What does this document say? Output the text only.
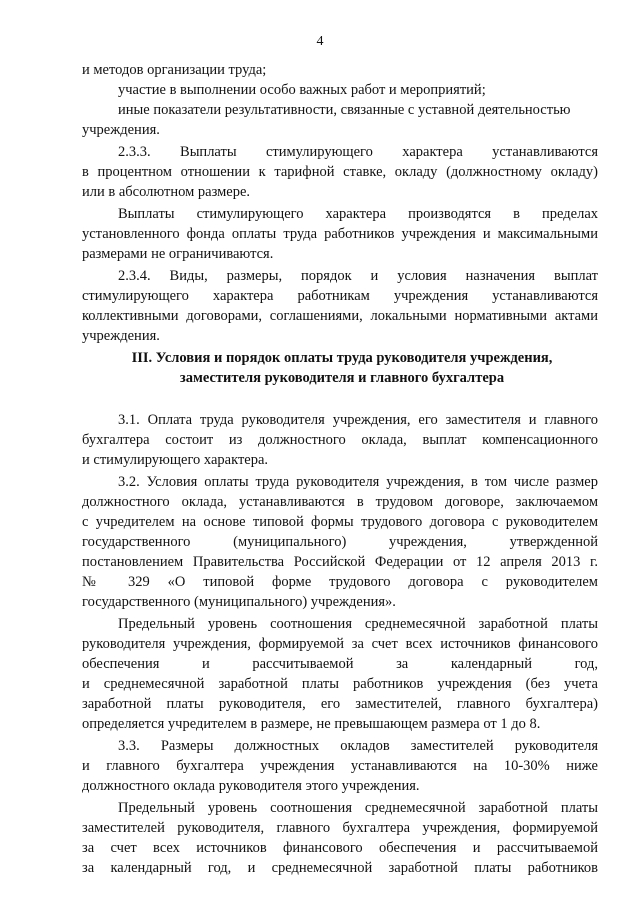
4
III. Условия и порядок оплаты труда руководителя учреждения,
заместителя руководителя и главного бухгалтера
и методов организации труда;
участие в выполнении особо важных работ и мероприятий;
иные показатели результативности, связанные с уставной деятельностью
учреждения.
2.3.3. Выплаты стимулирующего характера устанавливаются
в процентном отношении к тарифной ставке, окладу (должностному окладу)
или в абсолютном размере.
Выплаты стимулирующего характера производятся в пределах
установленного фонда оплаты труда работников учреждения и максимальными
размерами не ограничиваются.
2.3.4. Виды, размеры, порядок и условия назначения выплат
стимулирующего характера работникам учреждения устанавливаются
коллективными договорами, соглашениями, локальными нормативными актами
учреждения.
3.1. Оплата труда руководителя учреждения, его заместителя и главного
бухгалтера состоит из должностного оклада, выплат компенсационного
и стимулирующего характера.
3.2. Условия оплаты труда руководителя учреждения, в том числе размер
должностного оклада, устанавливаются в трудовом договоре, заключаемом
с учредителем на основе типовой формы трудового договора с руководителем
государственного (муниципального) учреждения, утвержденной
постановлением Правительства Российской Федерации от 12 апреля 2013 г.
№ 329 «О типовой форме трудового договора с руководителем
государственного (муниципального) учреждения».
Предельный уровень соотношения среднемесячной заработной платы
руководителя учреждения, формируемой за счет всех источников финансового
обеспечения и рассчитываемой за календарный год,
и среднемесячной заработной платы работников учреждения (без учета
заработной платы руководителя, его заместителей, главного бухгалтера)
определяется учредителем в размере, не превышающем размера от 1 до 8.
3.3. Размеры должностных окладов заместителей руководителя
и главного бухгалтера учреждения устанавливаются на 10-30% ниже
должностного оклада руководителя этого учреждения.
Предельный уровень соотношения среднемесячной заработной платы
заместителей руководителя, главного бухгалтера учреждения, формируемой
за счет всех источников финансового обеспечения и рассчитываемой
за календарный год, и среднемесячной заработной платы работников
